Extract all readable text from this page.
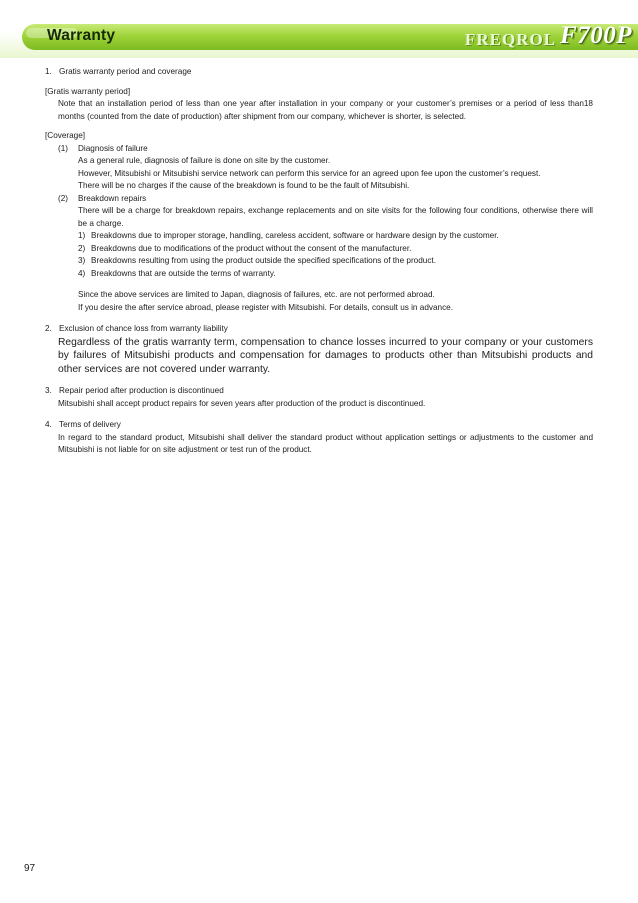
Warranty	FREQROL F700P
1. Gratis warranty period and coverage
[Gratis warranty period]
Note that an installation period of less than one year after installation in your company or your customer’s premises or a period of less than18 months (counted from the date of production) after shipment from our company, whichever is shorter, is selected.
[Coverage]
(1)	Diagnosis of failure
As a general rule, diagnosis of failure is done on site by the customer.
However, Mitsubishi or Mitsubishi service network can perform this service for an agreed upon fee upon the customer’s request.
There will be no charges if the cause of the breakdown is found to be the fault of Mitsubishi.
(2)	Breakdown repairs
There will be a charge for breakdown repairs, exchange replacements and on site visits for the following four conditions, otherwise there will be a charge.
1) Breakdowns due to improper storage, handling, careless accident, software or hardware design by the customer.
2) Breakdowns due to modifications of the product without the consent of the manufacturer.
3) Breakdowns resulting from using the product outside the specified specifications of the product.
4) Breakdowns that are outside the terms of warranty.
Since the above services are limited to Japan, diagnosis of failures, etc. are not performed abroad.
If you desire the after service abroad, please register with Mitsubishi. For details, consult us in advance.
2. Exclusion of chance loss from warranty liability
Regardless of the gratis warranty term, compensation to chance losses incurred to your company or your customers by failures of Mitsubishi products and compensation for damages to products other than Mitsubishi products and other services are not covered under warranty.
3. Repair period after production is discontinued
Mitsubishi shall accept product repairs for seven years after production of the product is discontinued.
4. Terms of delivery
In regard to the standard product, Mitsubishi shall deliver the standard product without application settings or adjustments to the customer and Mitsubishi is not liable for on site adjustment or test run of the product.
97
